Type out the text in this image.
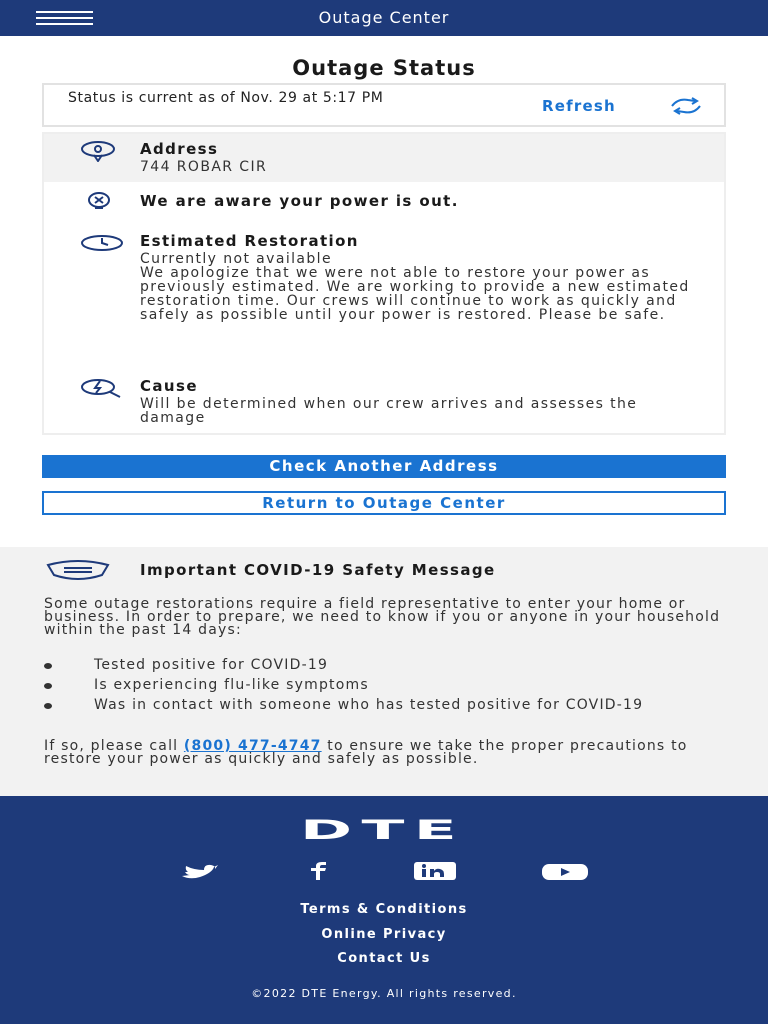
Outage Center
Outage Status
Status is current as of Nov. 29 at 5:17 PM	Refresh
Address
744 ROBAR CIR
We are aware your power is out.
Estimated Restoration
Currently not available
We apologize that we were not able to restore your power as previously estimated. We are working to provide a new estimated restoration time. Our crews will continue to work as quickly and safely as possible until your power is restored. Please be safe.
Cause
Will be determined when our crew arrives and assesses the damage
Check Another Address
Return to Outage Center
Important COVID-19 Safety Message
Some outage restorations require a field representative to enter your home or business. In order to prepare, we need to know if you or anyone in your household within the past 14 days:
Tested positive for COVID-19
Is experiencing flu-like symptoms
Was in contact with someone who has tested positive for COVID-19
If so, please call (800) 477-4747 to ensure we take the proper precautions to restore your power as quickly and safely as possible.
DTE
Terms & Conditions
Online Privacy
Contact Us
©2022 DTE Energy. All rights reserved.
